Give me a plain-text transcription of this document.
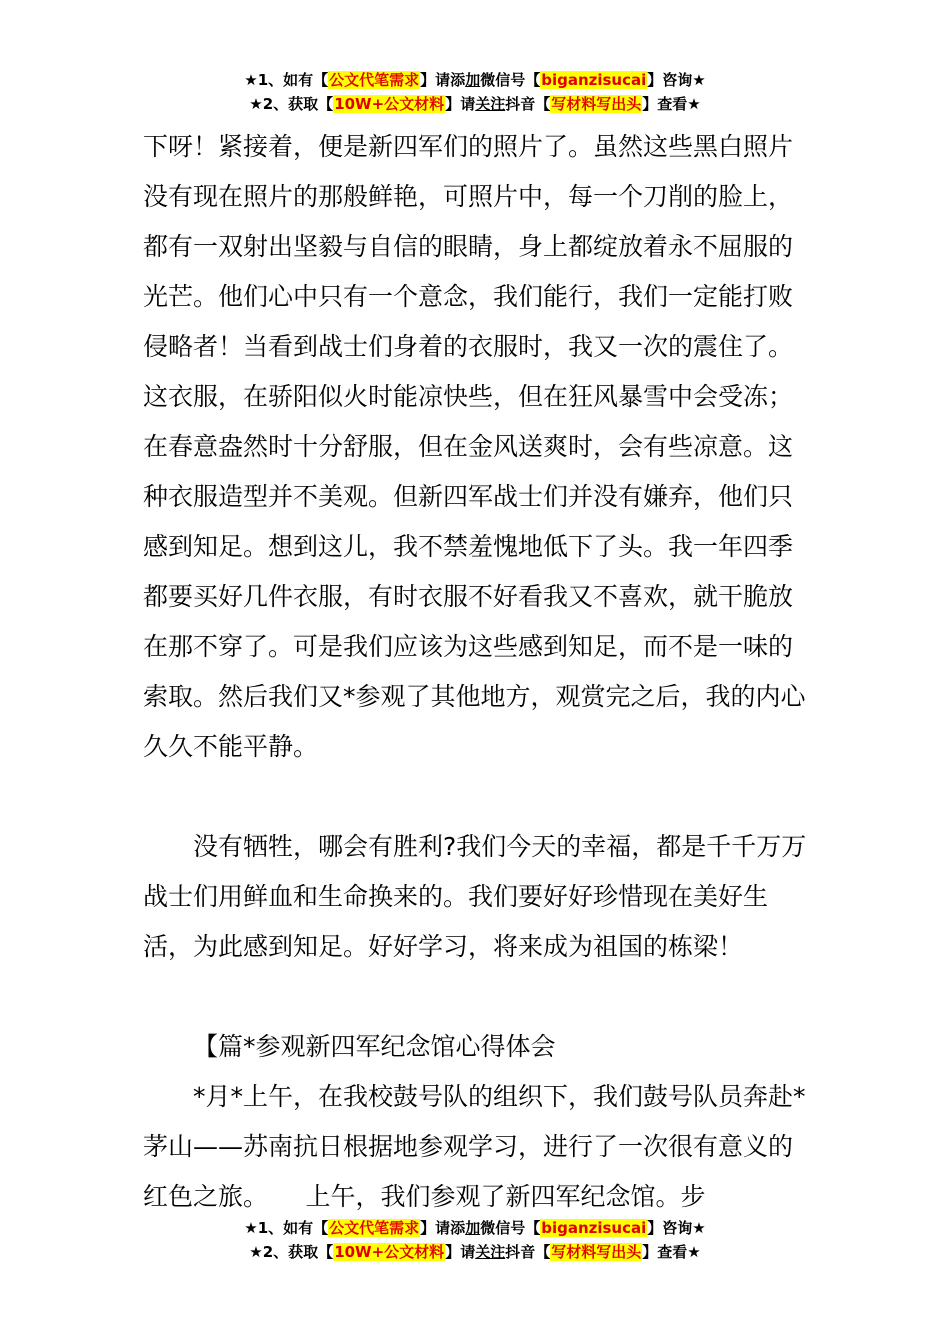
★1、如有【公文代笔需求】请添加微信号【biganzisucai】咨询★
★2、获取【10W+公文材料】请关注抖音【写材料写出头】查看★

下呀！紧接着，便是新四军们的照片了。虽然这些黑白照片没有现在照片的那般鲜艳，可照片中，每一个刀削的脸上，都有一双射出坚毅与自信的眼睛，身上都绽放着永不屈服的光芒。他们心中只有一个意念，我们能行，我们一定能打败侵略者！当看到战士们身着的衣服时，我又一次的震住了。这衣服，在骄阳似火时能凉快些，但在狂风暴雪中会受冻；在春意盎然时十分舒服，但在金风送爽时，会有些凉意。这种衣服造型并不美观。但新四军战士们并没有嫌弃，他们只感到知足。想到这儿，我不禁羞愧地低下了头。我一年四季都要买好几件衣服，有时衣服不好看我又不喜欢，就干脆放在那不穿了。可是我们应该为这些感到知足，而不是一味的索取。然后我们又*参观了其他地方，观赏完之后，我的内心久久不能平静。

没有牺牲，哪会有胜利?我们今天的幸福，都是千千万万战士们用鲜血和生命换来的。我们要好好珍惜现在美好生活，为此感到知足。好好学习，将来成为祖国的栋梁！

【篇*参观新四军纪念馆心得体会

*月*上午，在我校鼓号队的组织下，我们鼓号队员奔赴*茅山——苏南抗日根据地参观学习，进行了一次很有意义的红色之旅。　　上午，我们参观了新四军纪念馆。步

★1、如有【公文代笔需求】请添加微信号【biganzisucai】咨询★
★2、获取【10W+公文材料】请关注抖音【写材料写出头】查看★
